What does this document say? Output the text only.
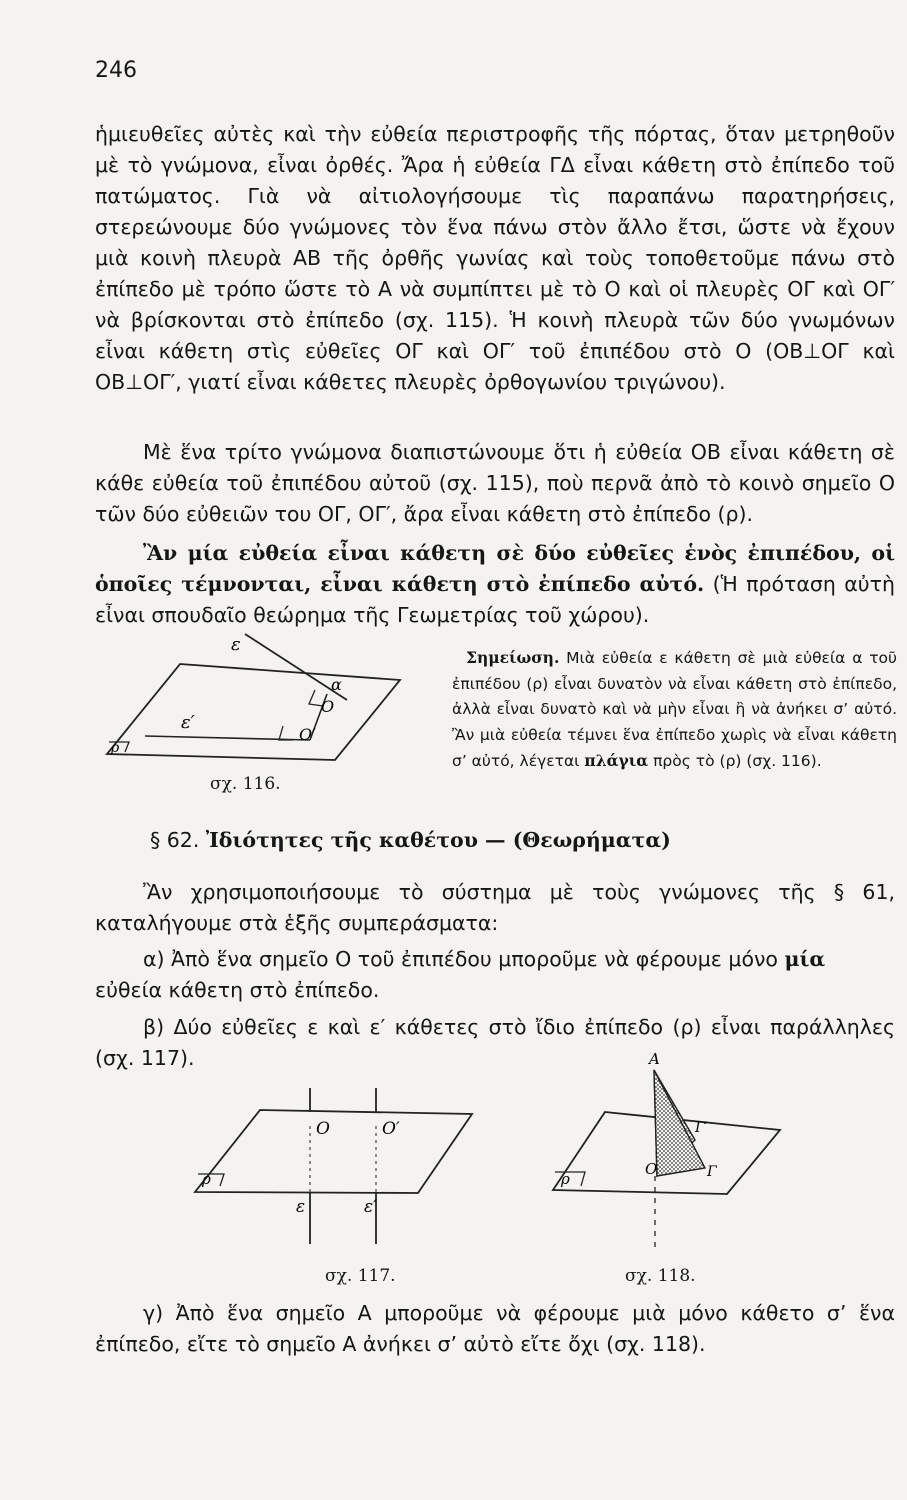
246

ἡμιευθεῖες αὐτὲς καὶ τὴν εὐθεία περιστροφῆς τῆς πόρτας, ὅταν μετρηθοῦν μὲ τὸ γνώμονα, εἶναι ὀρθές. Ἄρα ἡ εὐθεία ΓΔ εἶναι κάθετη στὸ ἐπίπεδο τοῦ πατώματος. Γιὰ νὰ αἰτιολογήσουμε τὶς παραπάνω παρατηρήσεις, στερεώνουμε δύο γνώμονες τὸν ἕνα πάνω στὸν ἄλλο ἔτσι, ὥστε νὰ ἔχουν μιὰ κοινὴ πλευρὰ ΑΒ τῆς ὀρθῆς γωνίας καὶ τοὺς τοποθετοῦμε πάνω στὸ ἐπίπεδο μὲ τρόπο ὥστε τὸ Α νὰ συμπίπτει μὲ τὸ Ο καὶ οἱ πλευρὲς ΟΓ καὶ ΟΓ′ νὰ βρίσκονται στὸ ἐπίπεδο (σχ. 115). Ἡ κοινὴ πλευρὰ τῶν δύο γνωμόνων εἶναι κάθετη στὶς εὐθεῖες ΟΓ καὶ ΟΓ′ τοῦ ἐπιπέδου στὸ Ο (ΟΒ⊥ΟΓ καὶ ΟΒ⊥ΟΓ′, γιατί εἶναι κάθετες πλευρὲς ὀρθογωνίου τριγώνου).

Μὲ ἕνα τρίτο γνώμονα διαπιστώνουμε ὅτι ἡ εὐθεία ΟΒ εἶναι κάθετη σὲ κάθε εὐθεία τοῦ ἐπιπέδου αὐτοῦ (σχ. 115), ποὺ περνᾶ ἀπὸ τὸ κοινὸ σημεῖο Ο τῶν δύο εὐθειῶν του ΟΓ, ΟΓ′, ἄρα εἶναι κάθετη στὸ ἐπίπεδο (ρ).

Ἂν μία εὐθεία εἶναι κάθετη σὲ δύο εὐθεῖες ἑνὸς ἐπιπέδου, οἱ ὁποῖες τέμνονται, εἶναι κάθετη στὸ ἐπίπεδο αὐτό. (Ἡ πρόταση αὐτὴ εἶναι σπουδαῖο θεώρημα τῆς Γεωμετρίας τοῦ χώρου).

ε
ε′
α
Ο
Ο′
ρ
σχ. 116.

Σημείωση. Μιὰ εὐθεία ε κάθετη σὲ μιὰ εὐθεία α τοῦ ἐπιπέδου (ρ) εἶναι δυνατὸν νὰ εἶναι κάθετη στὸ ἐπίπεδο, ἀλλὰ εἶναι δυνατὸ καὶ νὰ μὴν εἶναι ἢ νὰ ἀνήκει σ’ αὐτό. Ἂν μιὰ εὐθεία τέμνει ἕνα ἐπίπεδο χωρὶς νὰ εἶναι κάθετη σ’ αὐτό, λέγεται πλάγια πρὸς τὸ (ρ) (σχ. 116).

§ 62. Ἰδιότητες τῆς καθέτου — (Θεωρήματα)

Ἂν χρησιμοποιήσουμε τὸ σύστημα μὲ τοὺς γνώμονες τῆς § 61, καταλήγουμε στὰ ἑξῆς συμπεράσματα:

α) Ἀπὸ ἕνα σημεῖο Ο τοῦ ἐπιπέδου μποροῦμε νὰ φέρουμε μόνο μία εὐθεία κάθετη στὸ ἐπίπεδο.

β) Δύο εὐθεῖες ε καὶ ε′ κάθετες στὸ ἴδιο ἐπίπεδο (ρ) εἶναι παράλληλες (σχ. 117).

Ο	Ο′
ε	ε′
ρ
σχ. 117.
Α
Γ′
Γ
Ο
ρ
σχ. 118.

γ) Ἀπὸ ἕνα σημεῖο Α μποροῦμε νὰ φέρουμε μιὰ μόνο κάθετο σ’ ἕνα ἐπίπεδο, εἴτε τὸ σημεῖο Α ἀνήκει σ’ αὐτὸ εἴτε ὄχι (σχ. 118).
